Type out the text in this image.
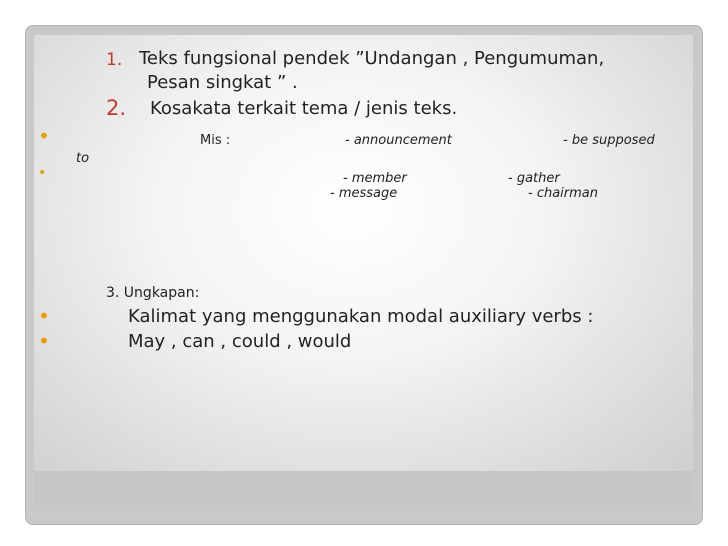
1. Teks fungsional pendek ”Undangan , Pengumuman,
Pesan singkat ” .
2. Kosakata terkait tema / jenis teks.
•	Mis :	- announcement	- be supposed
to
•	- member	- gather
- message	- chairman
3. Ungkapan:
•	Kalimat yang menggunakan modal auxiliary verbs :
•	May , can , could , would
